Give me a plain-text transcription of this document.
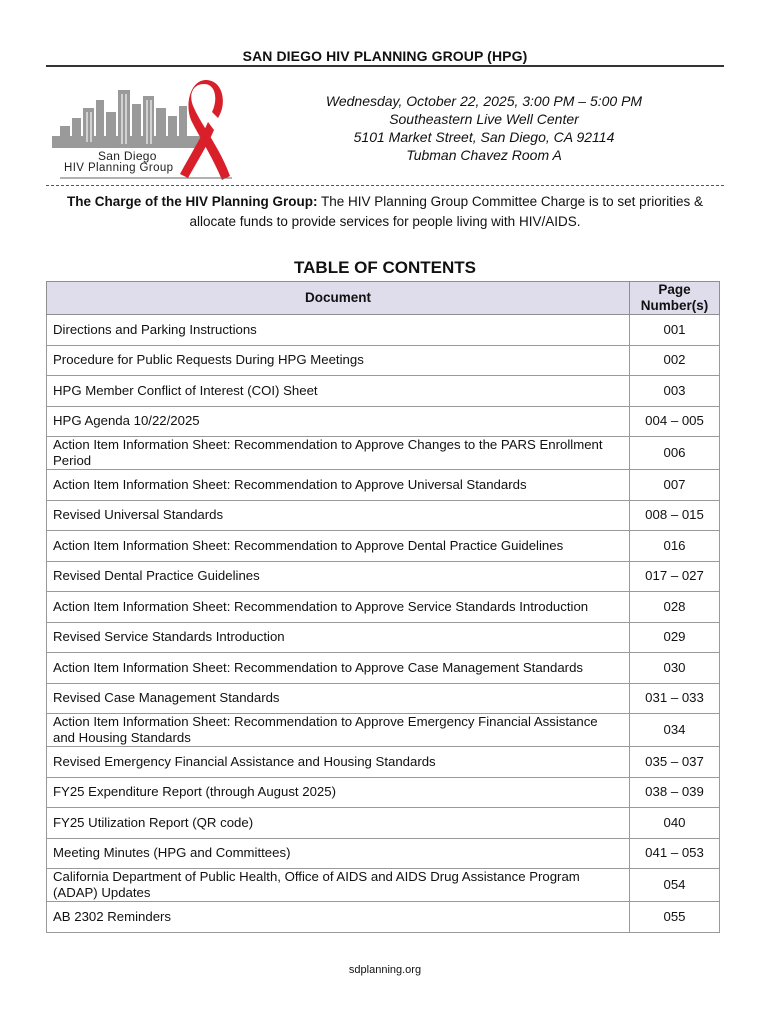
SAN DIEGO HIV PLANNING GROUP (HPG)
San Diego
HIV Planning Group
Wednesday, October 22, 2025, 3:00 PM – 5:00 PM
Southeastern Live Well Center
5101 Market Street, San Diego, CA 92114
Tubman Chavez Room A
The Charge of the HIV Planning Group: The HIV Planning Group Committee Charge is to set priorities & allocate funds to provide services for people living with HIV/AIDS.
TABLE OF CONTENTS
Document	Page Number(s)
Directions and Parking Instructions	001
Procedure for Public Requests During HPG Meetings	002
HPG Member Conflict of Interest (COI) Sheet	003
HPG Agenda 10/22/2025	004 – 005
Action Item Information Sheet: Recommendation to Approve Changes to the PARS Enrollment Period	006
Action Item Information Sheet: Recommendation to Approve Universal Standards	007
Revised Universal Standards	008 – 015
Action Item Information Sheet: Recommendation to Approve Dental Practice Guidelines	016
Revised Dental Practice Guidelines	017 – 027
Action Item Information Sheet: Recommendation to Approve Service Standards Introduction	028
Revised Service Standards Introduction	029
Action Item Information Sheet: Recommendation to Approve Case Management Standards	030
Revised Case Management Standards	031 – 033
Action Item Information Sheet: Recommendation to Approve Emergency Financial Assistance and Housing Standards	034
Revised Emergency Financial Assistance and Housing Standards	035 – 037
FY25 Expenditure Report (through August 2025)	038 – 039
FY25 Utilization Report (QR code)	040
Meeting Minutes (HPG and Committees)	041 – 053
California Department of Public Health, Office of AIDS and AIDS Drug Assistance Program (ADAP) Updates	054
AB 2302 Reminders	055
sdplanning.org
